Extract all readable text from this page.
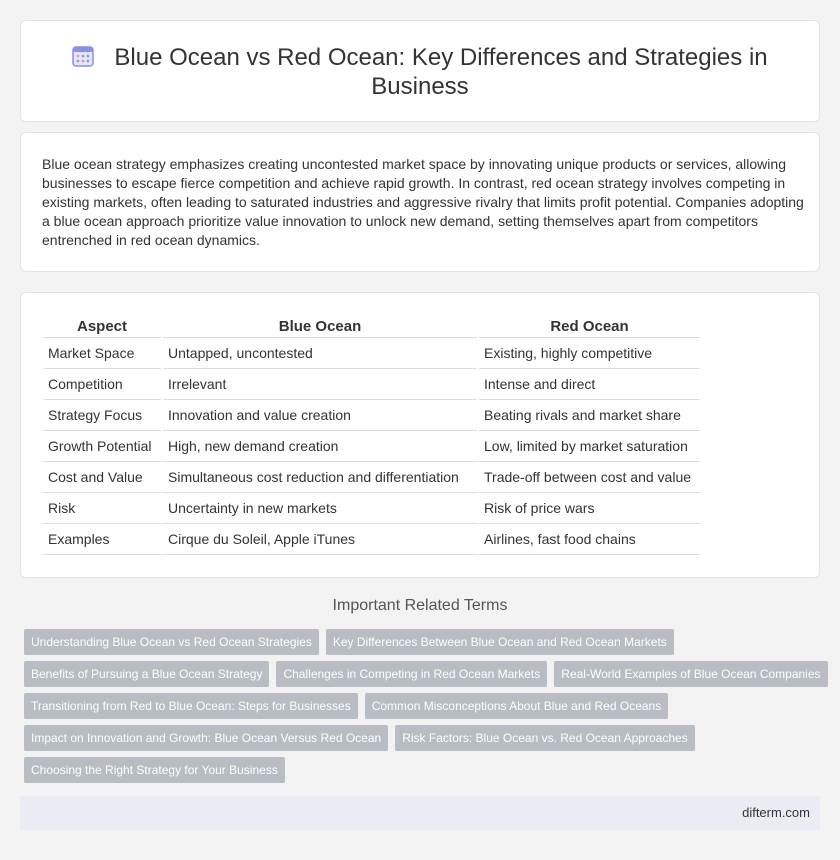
Blue Ocean vs Red Ocean: Key Differences and Strategies in Business

Blue ocean strategy emphasizes creating uncontested market space by innovating unique products or services, allowing businesses to escape fierce competition and achieve rapid growth. In contrast, red ocean strategy involves competing in existing markets, often leading to saturated industries and aggressive rivalry that limits profit potential. Companies adopting a blue ocean approach prioritize value innovation to unlock new demand, setting themselves apart from competitors entrenched in red ocean dynamics.

Aspect	Blue Ocean	Red Ocean
Market Space	Untapped, uncontested	Existing, highly competitive
Competition	Irrelevant	Intense and direct
Strategy Focus	Innovation and value creation	Beating rivals and market share
Growth Potential	High, new demand creation	Low, limited by market saturation
Cost and Value	Simultaneous cost reduction and differentiation	Trade-off between cost and value
Risk	Uncertainty in new markets	Risk of price wars
Examples	Cirque du Soleil, Apple iTunes	Airlines, fast food chains
Important Related Terms
Understanding Blue Ocean vs Red Ocean Strategies	Key Differences Between Blue Ocean and Red Ocean Markets
Benefits of Pursuing a Blue Ocean Strategy	Challenges in Competing in Red Ocean Markets	Real-World Examples of Blue Ocean Companies
Transitioning from Red to Blue Ocean: Steps for Businesses	Common Misconceptions About Blue and Red Oceans
Impact on Innovation and Growth: Blue Ocean Versus Red Ocean	Risk Factors: Blue Ocean vs. Red Ocean Approaches
Choosing the Right Strategy for Your Business
difterm.com
